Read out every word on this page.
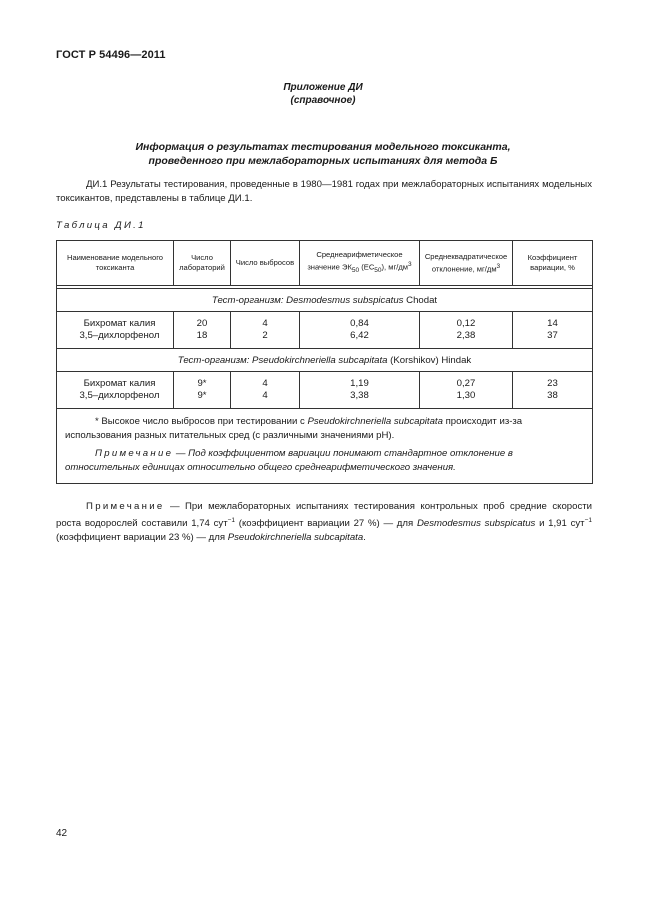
ГОСТ Р 54496—2011
Приложение ДИ
(справочное)
Информация о результатах тестирования модельного токсиканта,
проведенного при межлабораторных испытаниях для метода Б
ДИ.1 Результаты тестирования, проведенные в 1980—1981 годах при межлабораторных испытаниях модельных токсикантов, представлены в таблице ДИ.1.
Таблица ДИ.1
Наименование модельного токсиканта	Число лабораторий	Число выбросов	Среднеарифметическое значение $ЭК_{50}$ $(ЕС_{50})$, $мг/дм^3$	Среднеквадратическое отклонение, $мг/дм^3$	Коэффициент вариации, %

Тест-организм: Desmodesmus subspicatus Chodat					
Бихромат калия	20	4	0,84	0,12	14
3,5–дихлорфенол	18	2	6,42	2,38	37
Тест-организм: Pseudokirchneriella subcapitata (Korshikov) Hindak					
Бихромат калия	9*	4	1,19	0,27	23
3,5–дихлорфенол	9*	4	3,38	1,30	38

* Высокое число выбросов при тестировании с Pseudokirchneriella subcapitata происходит из-за использования разных питательных сред (с различными значениями pH).
Примечание — Под коэффициентом вариации понимают стандартное отклонение в относительных единицах относительно общего среднеарифметического значения.					
Примечание — При межлабораторных испытаниях тестирования контрольных проб средние скорости роста водорослей составили 1,74 сут$^{-1}$ (коэффициент вариации 27 %) — для Desmodesmus subspicatus и 1,91 сут$^{-1}$ (коэффициент вариации 23 %) — для Pseudokirchneriella subcapitata.
42
